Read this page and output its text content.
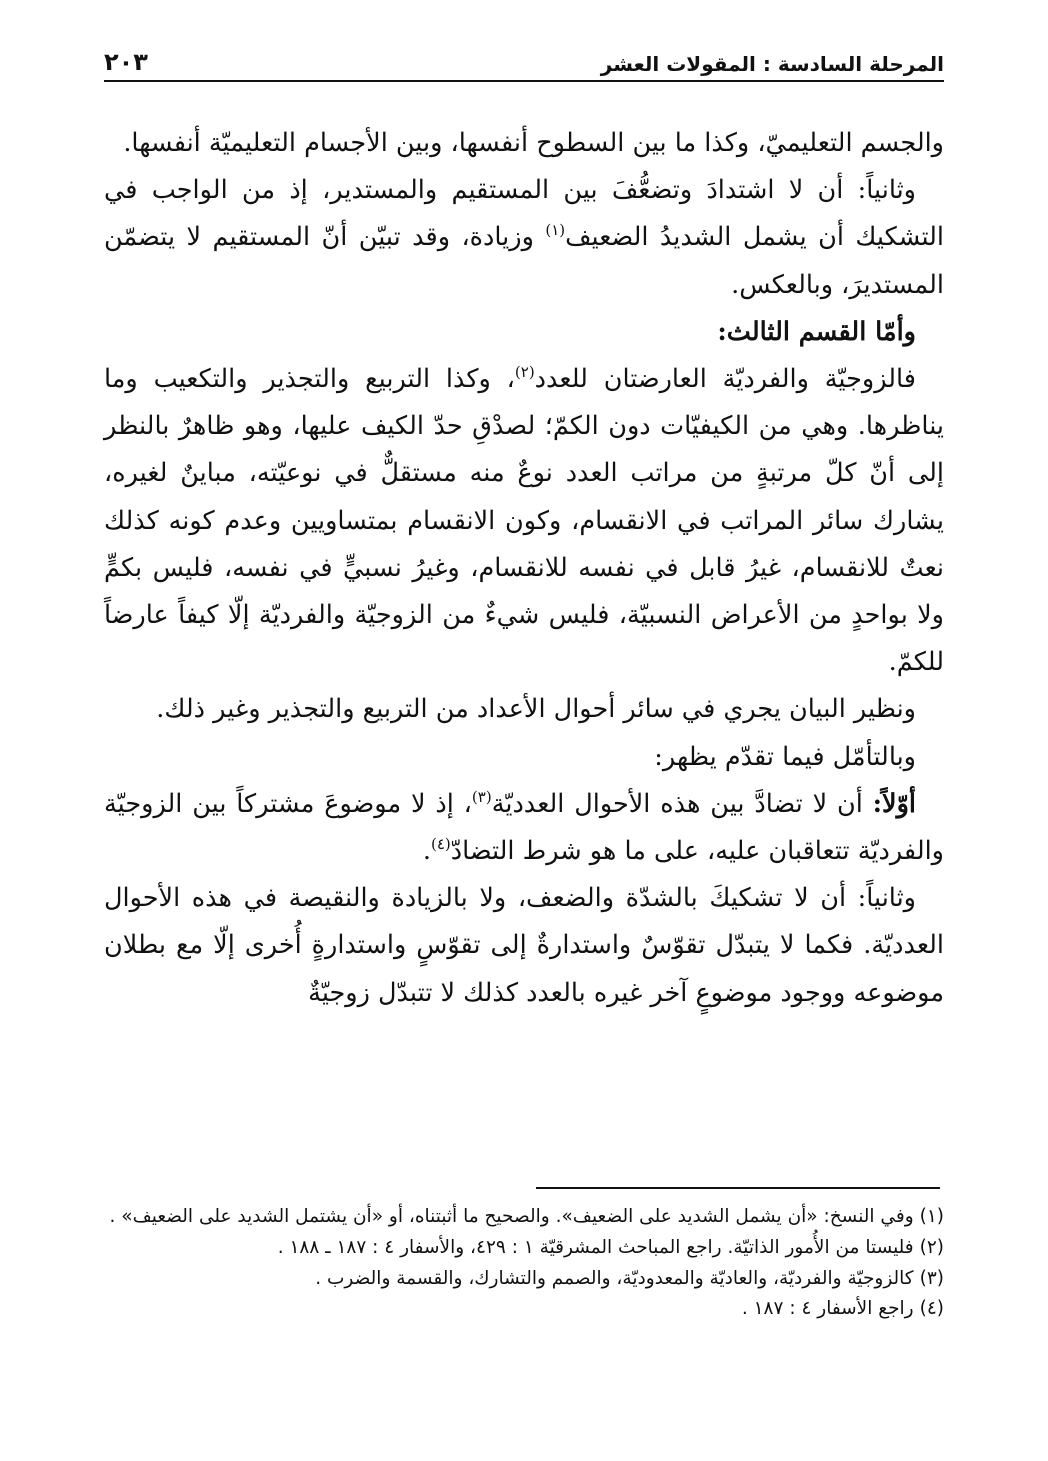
المرحلة السادسة : المقولات العشر
٢٠٣

والجسم التعليميّ، وكذا ما بين السطوح أنفسها، وبين الأجسام التعليميّة أنفسها.

وثانياً: أن لا اشتدادَ وتضعُّفَ بين المستقيم والمستدير، إذ من الواجب في التشكيك أن يشمل الشديدُ الضعيف$^{(١)}$ وزيادة، وقد تبيّن أنّ المستقيم لا يتضمّن المستديرَ، وبالعكس.

وأمّا القسم الثالث:

فالزوجيّة والفرديّة العارضتان للعدد$^{(٢)}$، وكذا التربيع والتجذير والتكعيب وما يناظرها. وهي من الكيفيّات دون الكمّ؛ لصدْقِ حدّ الكيف عليها، وهو ظاهرٌ بالنظر إلى أنّ كلّ مرتبةٍ من مراتب العدد نوعٌ منه مستقلٌّ في نوعيّته، مباينٌ لغيره، يشارك سائر المراتب في الانقسام، وكون الانقسام بمتساويين وعدم كونه كذلك نعتٌ للانقسام، غيرُ قابل في نفسه للانقسام، وغيرُ نسبيٍّ في نفسه، فليس بكمٍّ ولا بواحدٍ من الأعراض النسبيّة، فليس شيءٌ من الزوجيّة والفرديّة إلّا كيفاً عارضاً للكمّ.

ونظير البيان يجري في سائر أحوال الأعداد من التربيع والتجذير وغير ذلك.

وبالتأمّل فيما تقدّم يظهر:

أوّلاً: أن لا تضادَّ بين هذه الأحوال العدديّة$^{(٣)}$، إذ لا موضوعَ مشتركاً بين الزوجيّة والفرديّة تتعاقبان عليه، على ما هو شرط التضادّ$^{(٤)}$.

وثانياً: أن لا تشكيكَ بالشدّة والضعف، ولا بالزيادة والنقيصة في هذه الأحوال العدديّة. فكما لا يتبدّل تقوّسٌ واستدارةٌ إلى تقوّسٍ واستدارةٍ أُخرى إلّا مع بطلان موضوعه ووجود موضوعٍ آخر غيره بالعدد كذلك لا تتبدّل زوجيّةٌ

(١)
وفي النسخ: «أن يشمل الشديد على الضعيف». والصحيح ما أثبتناه، أو «أن يشتمل الشديد على الضعيف» .
(٢)
فليستا من الأُمور الذاتيّة. راجع المباحث المشرقيّة ١ : ٤٢٩، والأسفار ٤ : ١٨٧ ـ ١٨٨ .
(٣)
كالزوجيّة والفرديّة، والعاديّة والمعدوديّة، والصمم والتشارك، والقسمة والضرب .
(٤)
راجع الأسفار ٤ : ١٨٧ .
